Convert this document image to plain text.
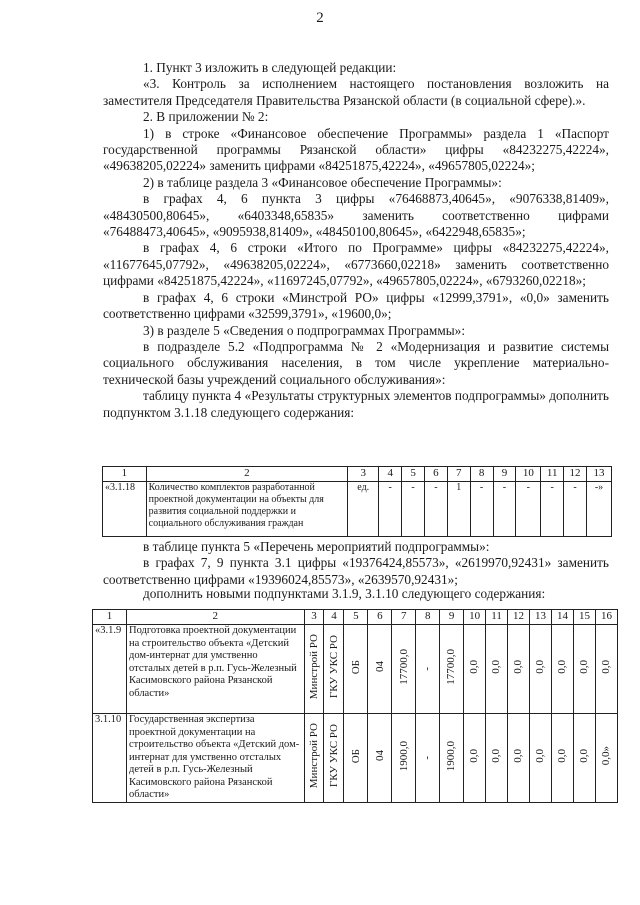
2

1. Пункт 3 изложить в следующей редакции:

«3. Контроль за исполнением настоящего постановления возложить на заместителя Председателя Правительства Рязанской области (в социальной сфере).».

2. В приложении № 2:

1) в строке «Финансовое обеспечение Программы» раздела 1 «Паспорт государственной программы Рязанской области» цифры «84232275,42224», «49638205,02224» заменить цифрами «84251875,42224», «49657805,02224»;

2) в таблице раздела 3 «Финансовое обеспечение Программы»:

в графах 4, 6 пункта 3 цифры «76468873,40645», «9076338,81409», «48430500,80645», «6403348,65835» заменить соответственно цифрами «76488473,40645», «9095938,81409», «48450100,80645», «6422948,65835»;

в графах 4, 6 строки «Итого по Программе» цифры «84232275,42224», «11677645,07792», «49638205,02224», «6773660,02218» заменить соответственно цифрами «84251875,42224», «11697245,07792», «49657805,02224», «6793260,02218»;

в графах 4, 6 строки «Минстрой РО» цифры «12999,3791», «0,0» заменить соответственно цифрами «32599,3791», «19600,0»;

3) в разделе 5 «Сведения о подпрограммах Программы»:

в подразделе 5.2 «Подпрограмма № 2 «Модернизация и развитие системы социального обслуживания населения, в том числе укрепление материально-технической базы учреждений социального обслуживания»:

таблицу пункта 4 «Результаты структурных элементов подпрограммы» дополнить подпунктом 3.1.18 следующего содержания:

1	2	3	4	5	6	7	8	9	10	11	12	13
«3.1.18	Количество комплектов разработанной проектной документации на объекты для развития социальной поддержки и социального обслуживания граждан	ед.	-	-	-	1	-	-	-	-	-	-»

в таблице пункта 5 «Перечень мероприятий подпрограммы»:

в графах 7, 9 пункта 3.1 цифры «19376424,85573», «2619970,92431» заменить соответственно цифрами «19396024,85573», «2639570,92431»;

дополнить новыми подпунктами 3.1.9, 3.1.10 следующего содержания:

1	2	3	4	5	6	7	8	9	10	11	12	13	14	15	16
«3.1.9	Подготовка проектной документации на строительство объекта «Детский дом-интернат для умственно отсталых детей в р.п. Гусь-Железный Касимовского района Рязанской области»	Минстрой РО	ГКУ УКС РО	ОБ	04	17700,0	-	17700,0	0,0	0,0	0,0	0,0	0,0	0,0	0,0
3.1.10	Государственная экспертиза проектной документации на строительство объекта «Детский дом-интернат для умственно отсталых детей в р.п. Гусь-Железный Касимовского района Рязанской области»	Минстрой РО	ГКУ УКС РО	ОБ	04	1900,0	-	1900,0	0,0	0,0	0,0	0,0	0,0	0,0	0,0»
